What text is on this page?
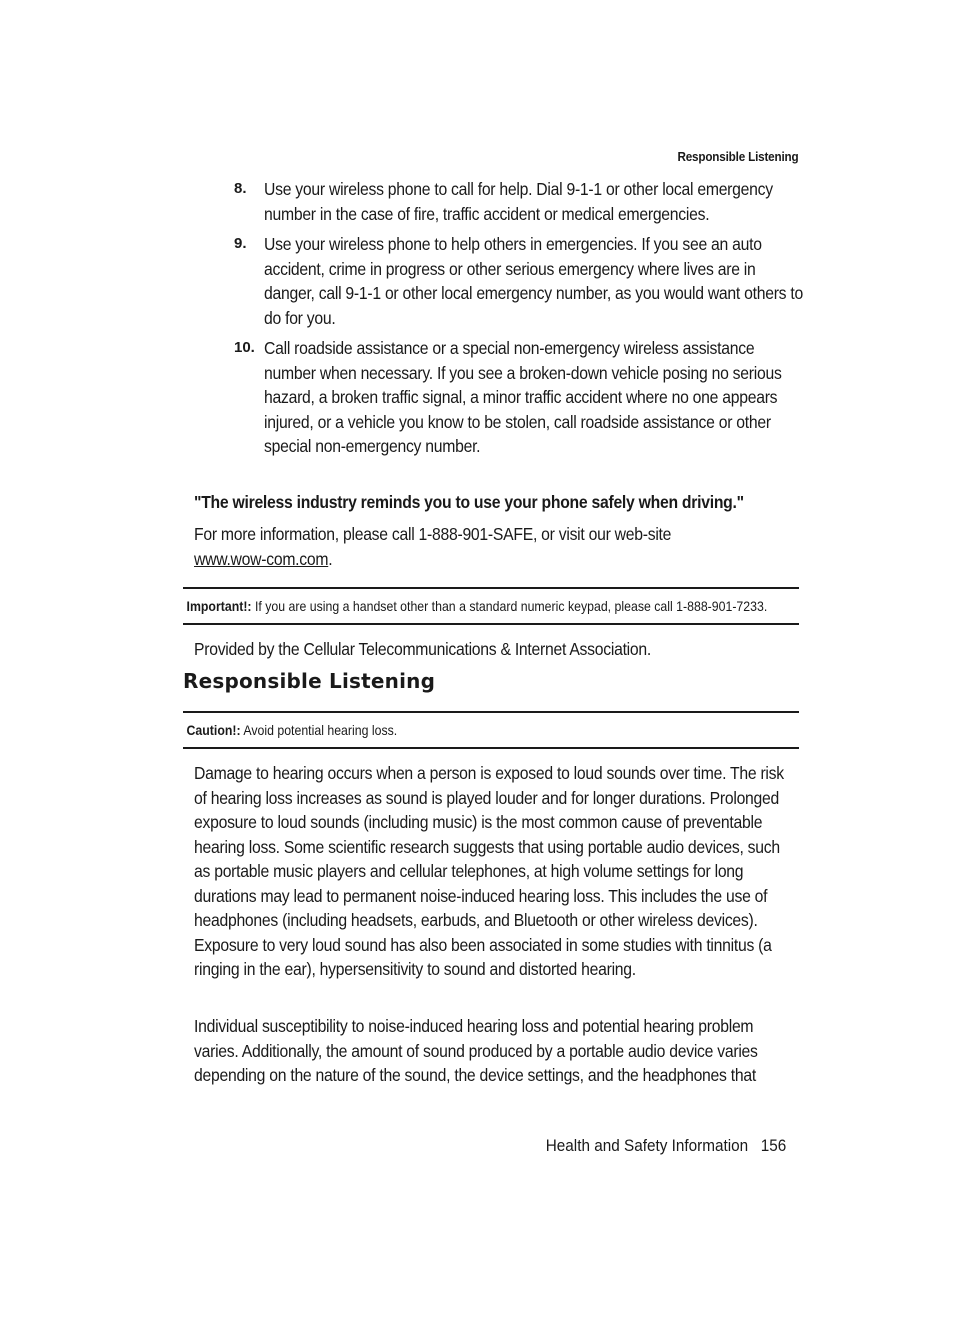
Responsible Listening
8. Use your wireless phone to call for help. Dial 9-1-1 or other local emergency number in the case of fire, traffic accident or medical emergencies.
9. Use your wireless phone to help others in emergencies. If you see an auto accident, crime in progress or other serious emergency where lives are in danger, call 9-1-1 or other local emergency number, as you would want others to do for you.
10. Call roadside assistance or a special non-emergency wireless assistance number when necessary. If you see a broken-down vehicle posing no serious hazard, a broken traffic signal, a minor traffic accident where no one appears injured, or a vehicle you know to be stolen, call roadside assistance or other special non-emergency number.
"The wireless industry reminds you to use your phone safely when driving."
For more information, please call 1-888-901-SAFE, or visit our web-site
www.wow-com.com.
Important!: If you are using a handset other than a standard numeric keypad, please call 1-888-901-7233.
Provided by the Cellular Telecommunications & Internet Association.
Responsible Listening
Caution!: Avoid potential hearing loss.
Damage to hearing occurs when a person is exposed to loud sounds over time. The risk of hearing loss increases as sound is played louder and for longer durations. Prolonged exposure to loud sounds (including music) is the most common cause of preventable hearing loss. Some scientific research suggests that using portable audio devices, such as portable music players and cellular telephones, at high volume settings for long durations may lead to permanent noise-induced hearing loss. This includes the use of headphones (including headsets, earbuds, and Bluetooth or other wireless devices). Exposure to very loud sound has also been associated in some studies with tinnitus (a ringing in the ear), hypersensitivity to sound and distorted hearing.
Individual susceptibility to noise-induced hearing loss and potential hearing problem varies. Additionally, the amount of sound produced by a portable audio device varies depending on the nature of the sound, the device settings, and the headphones that
Health and Safety Information 156
